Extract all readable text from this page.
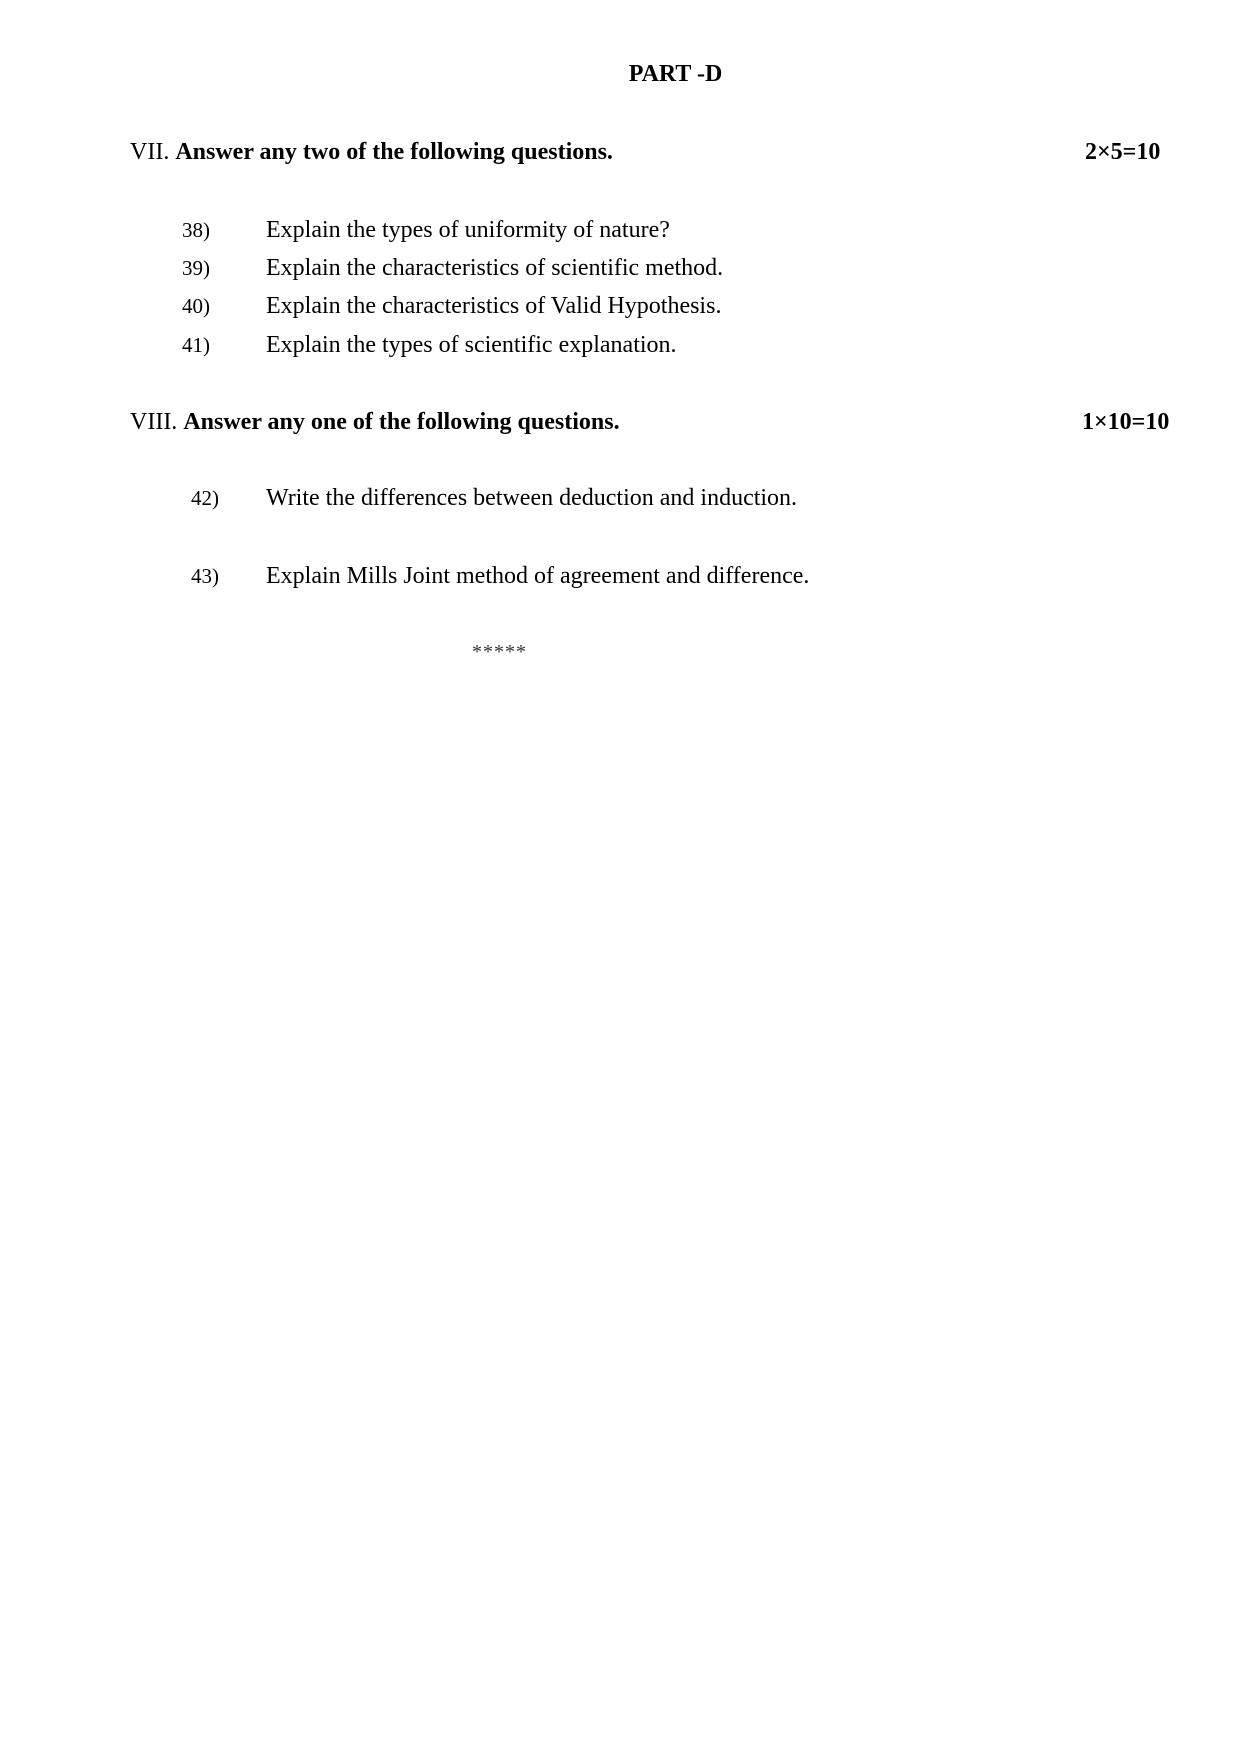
PART -D
VII. Answer any two of the following questions.	2×5=10
38) Explain the types of uniformity of nature?
39) Explain the characteristics of scientific method.
40) Explain the characteristics of Valid Hypothesis.
41) Explain the types of scientific explanation.
VIII. Answer any one of the following questions.	1×10=10
42) Write the differences between deduction and induction.
43) Explain Mills Joint method of agreement and difference.
*****
